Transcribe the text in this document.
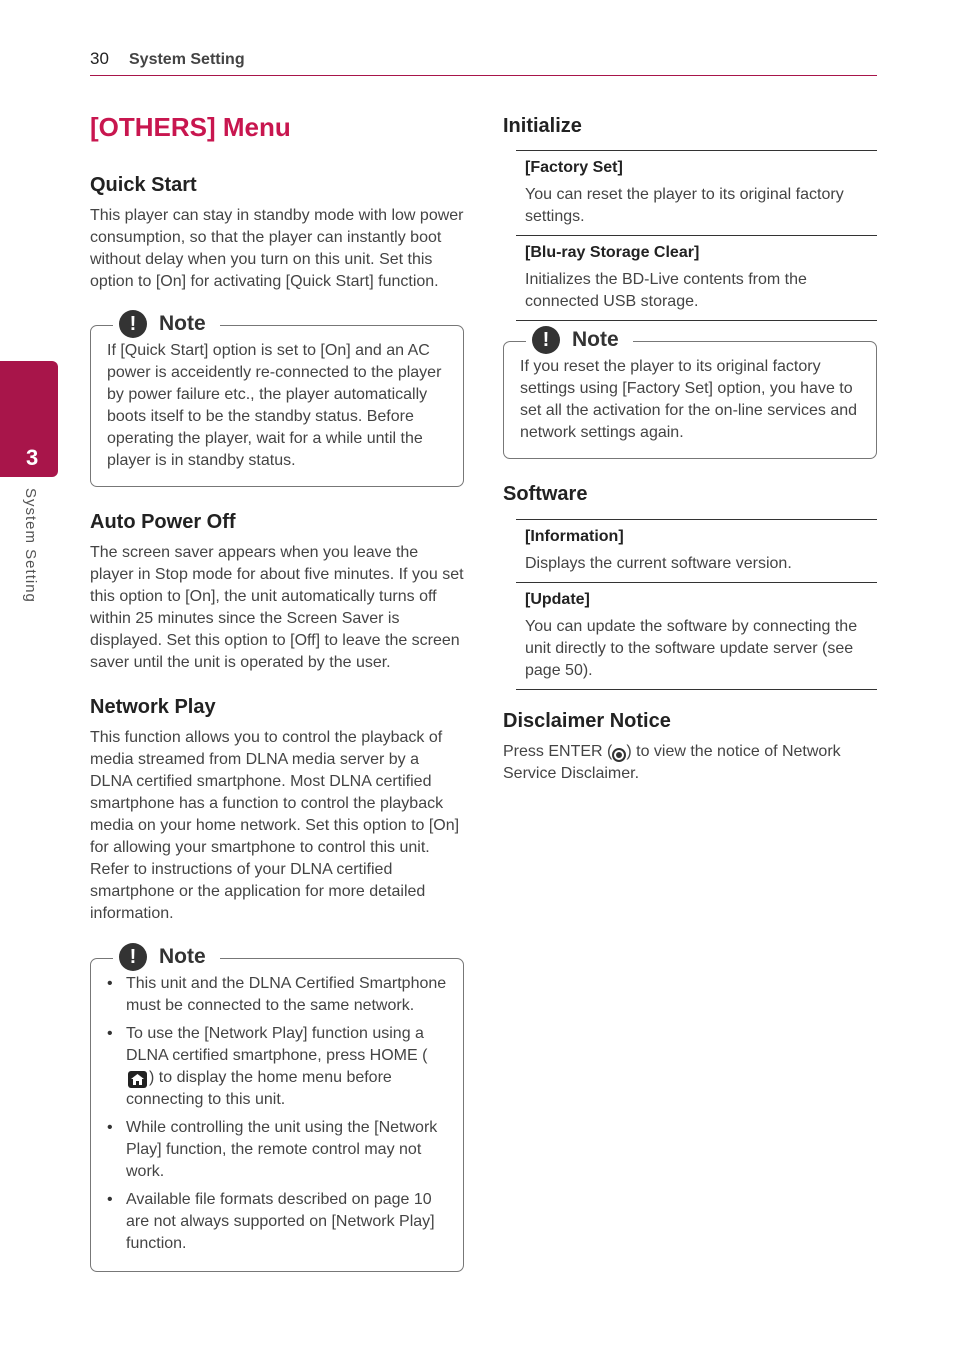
30 System Setting
3
System Setting
[OTHERS] Menu
Quick Start

This player can stay in standby mode with low power consumption, so that the player can instantly boot without delay when you turn on this unit. Set this option to [On] for activating [Quick Start] function.

!	Note
If [Quick Start] option is set to [On] and an AC power is acceidently re-connected to the player by power failure etc., the player automatically boots itself to be the standby status. Before operating the player, wait for a while until the player is in standby status.
Auto Power Off

The screen saver appears when you leave the player in Stop mode for about five minutes. If you set this option to [On], the unit automatically turns off within 25 minutes since the Screen Saver is displayed. Set this option to [Off] to leave the screen saver until the unit is operated by the user.

Network Play

This function allows you to control the playback of media streamed from DLNA media server by a DLNA certified smartphone. Most DLNA certified smartphone has a function to control the playback media on your home network. Set this option to [On] for allowing your smartphone to control this unit. Refer to instructions of your DLNA certified smartphone or the application for more detailed information.

!	Note
• This unit and the DLNA Certified Smartphone must be connected to the same network.
• To use the [Network Play] function using a DLNA certified smartphone, press HOME (
) to display the home menu before connecting to this unit.
• While controlling the unit using the [Network Play] function, the remote control may not work.
• Available file formats described on page 10 are not always supported on [Network Play] function.
Initialize
[Factory Set]
You can reset the player to its original factory settings.
[Blu-ray Storage Clear]
Initializes the BD-Live contents from the connected USB storage.
!	Note
If you reset the player to its original factory settings using [Factory Set] option, you have to set all the activation for the on-line services and network settings again.
Software
[Information]
Displays the current software version.
[Update]
You can update the software by connecting the unit directly to the software update server (see page 50).
Disclaimer Notice

Press ENTER ( ) to view the notice of Network Service Disclaimer.
